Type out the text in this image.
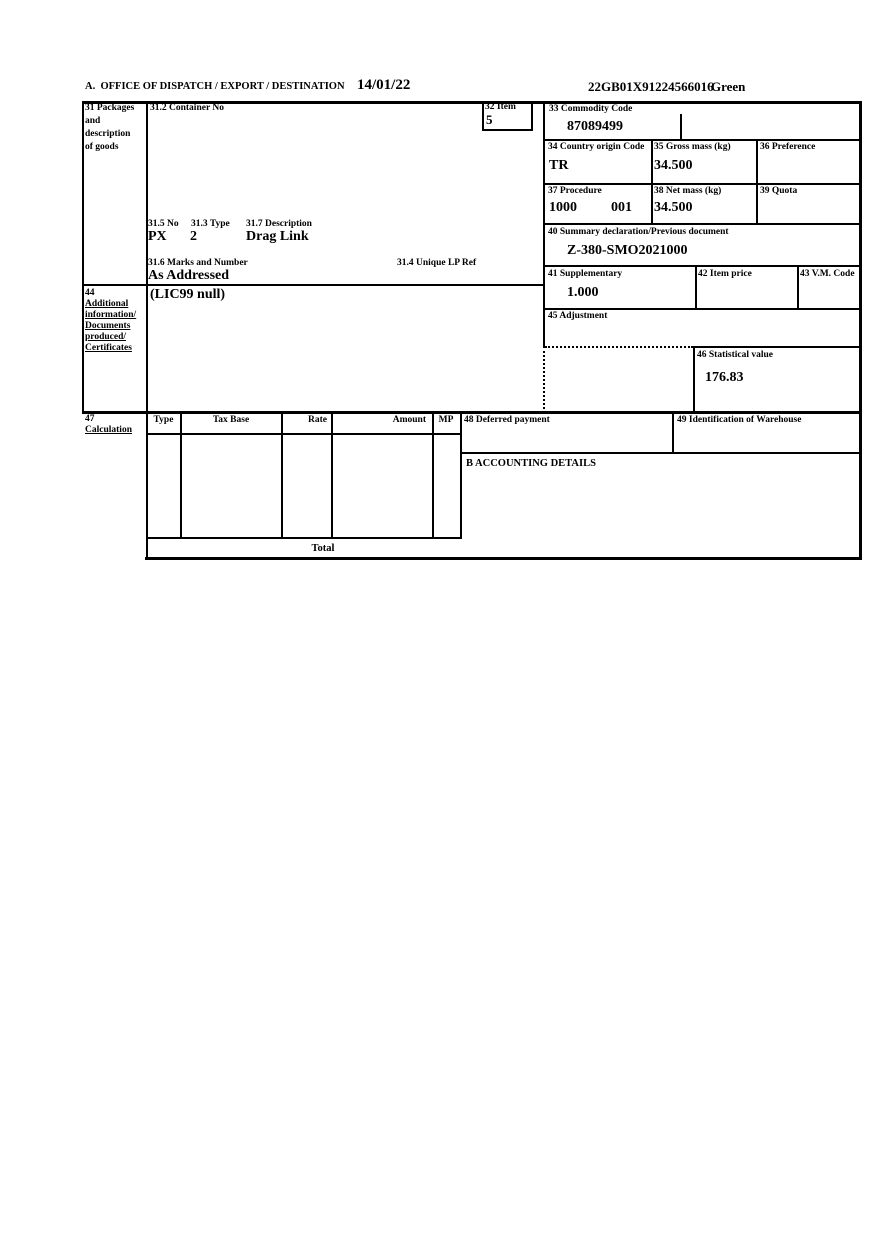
A.  OFFICE OF DISPATCH / EXPORT / DESTINATION 14/01/22	22GB01X91224566016
Green
31 Packages
and
description
of goods
31.2 Container No	32 Item
5
33 Commodity Code
87089499
34 Country origin Code
TR
35 Gross mass (kg)
34.500
36 Preference
37 Procedure
1000 001
38 Net mass (kg)
34.500
39 Quota
31.5 No 31.3 Type 31.7 Description
PX 2	Drag Link
31.6 Marks and Number	31.4 Unique LP Ref
As Addressed
40 Summary declaration/Previous document
Z-380-SMO2021000
41 Supplementary
1.000
42 Item price	43 V.M. Code
44
Additional
information/
Documents
produced/
Certificates
(LIC99 null)
45 Adjustment
46 Statistical value
176.83
47
Calculation
Type	Tax Base	Rate	Amount	MP
Total
48 Deferred payment	49 Identification of Warehouse
B ACCOUNTING DETAILS
